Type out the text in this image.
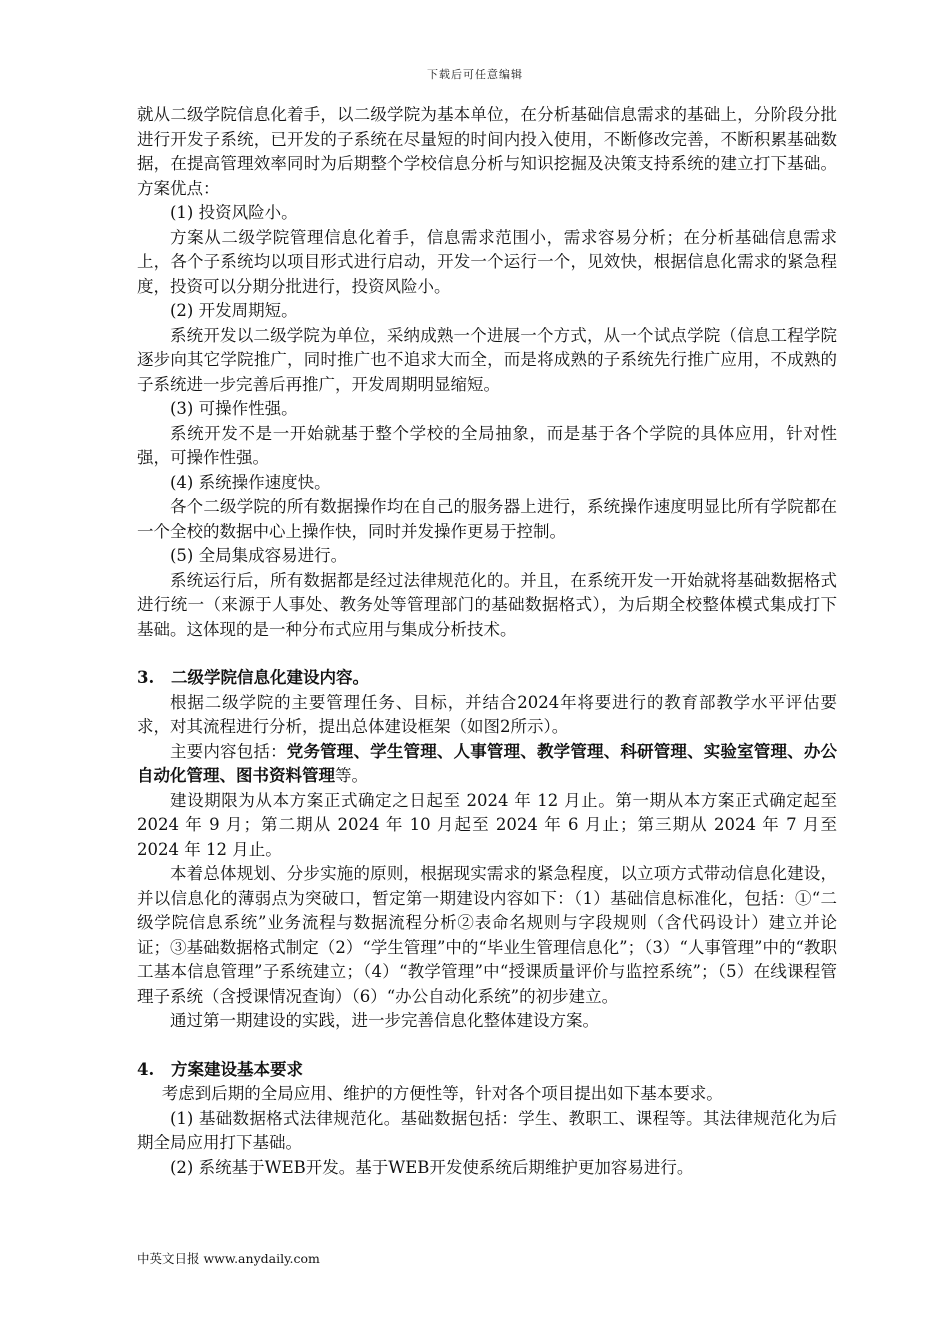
下载后可任意编辑

就从二级学院信息化着手，以二级学院为基本单位，在分析基础信息需求的基础上，分阶段分批进行开发子系统，已开发的子系统在尽量短的时间内投入使用，不断修改完善，不断积累基础数据，在提高管理效率同时为后期整个学校信息分析与知识挖掘及决策支持系统的建立打下基础。方案优点：

(1) 投资风险小。

方案从二级学院管理信息化着手，信息需求范围小，需求容易分析；在分析基础信息需求上，各个子系统均以项目形式进行启动，开发一个运行一个，见效快，根据信息化需求的紧急程度，投资可以分期分批进行，投资风险小。

(2) 开发周期短。

系统开发以二级学院为单位，采纳成熟一个进展一个方式，从一个试点学院（信息工程学院逐步向其它学院推广，同时推广也不追求大而全，而是将成熟的子系统先行推广应用，不成熟的子系统进一步完善后再推广，开发周期明显缩短。

(3) 可操作性强。

系统开发不是一开始就基于整个学校的全局抽象，而是基于各个学院的具体应用，针对性强，可操作性强。

(4) 系统操作速度快。

各个二级学院的所有数据操作均在自己的服务器上进行，系统操作速度明显比所有学院都在一个全校的数据中心上操作快，同时并发操作更易于控制。

(5) 全局集成容易进行。

系统运行后，所有数据都是经过法律规范化的。并且，在系统开发一开始就将基础数据格式进行统一（来源于人事处、教务处等管理部门的基础数据格式），为后期全校整体模式集成打下基础。这体现的是一种分布式应用与集成分析技术。

3. 二级学院信息化建设内容。

根据二级学院的主要管理任务、目标，并结合2024年将要进行的教育部教学水平评估要求，对其流程进行分析，提出总体建设框架（如图2所示）。

主要内容包括：党务管理、学生管理、人事管理、教学管理、科研管理、实验室管理、办公自动化管理、图书资料管理等。

建设期限为从本方案正式确定之日起至 2024 年 12 月止。第一期从本方案正式确定起至 2024 年 9 月；第二期从 2024 年 10 月起至 2024 年 6 月止；第三期从 2024 年 7 月至 2024 年 12 月止。

本着总体规划、分步实施的原则，根据现实需求的紧急程度，以立项方式带动信息化建设，并以信息化的薄弱点为突破口，暂定第一期建设内容如下：（1）基础信息标准化，包括：①“二级学院信息系统”业务流程与数据流程分析②表命名规则与字段规则（含代码设计）建立并论证；③基础数据格式制定（2）“学生管理”中的“毕业生管理信息化”；（3）“人事管理”中的“教职工基本信息管理”子系统建立；（4）“教学管理”中“授课质量评价与监控系统”；（5）在线课程管理子系统（含授课情况查询）（6）“办公自动化系统”的初步建立。

通过第一期建设的实践，进一步完善信息化整体建设方案。

4. 方案建设基本要求

考虑到后期的全局应用、维护的方便性等，针对各个项目提出如下基本要求。

(1) 基础数据格式法律规范化。基础数据包括：学生、教职工、课程等。其法律规范化为后期全局应用打下基础。

(2) 系统基于WEB开发。基于WEB开发使系统后期维护更加容易进行。

中英文日报 www.anydaily.com
